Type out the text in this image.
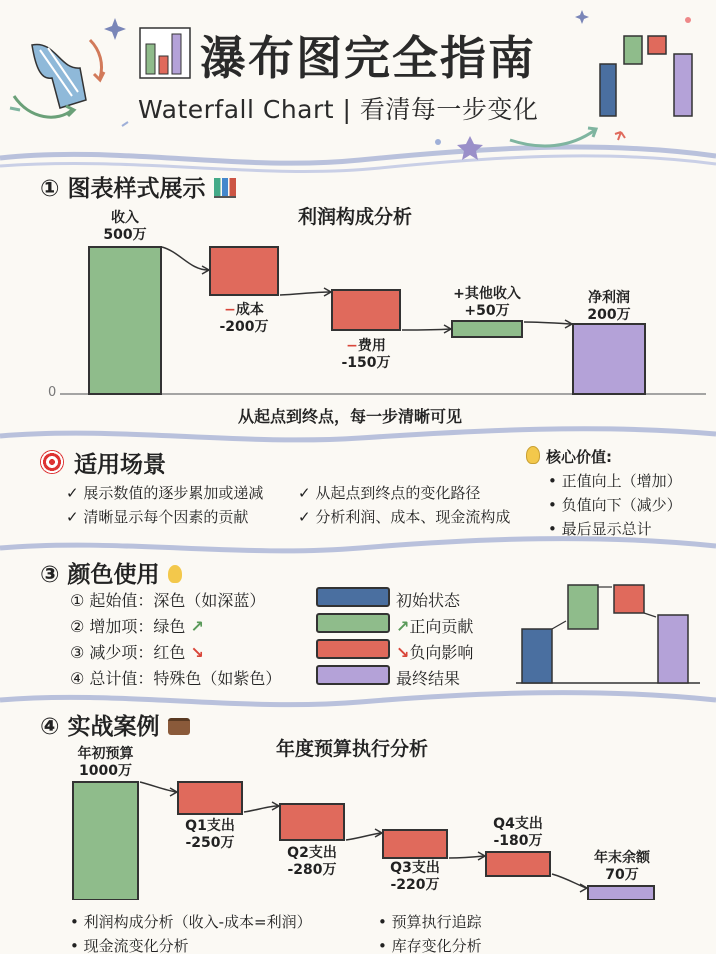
瀑布图完全指南
Waterfall Chart | 看清每一步变化
① 图表样式展示
利润构成分析
0
收入
500万
−成本
-200万
−费用
-150万
+其他收入
+50万
净利润
200万
从起点到终点，每一步清晰可见
适用场景
✓ 展示数值的逐步累加或递减 ✓ 从起点到终点的变化路径
✓ 清晰显示每个因素的贡献	✓ 分析利润、成本、现金流构成
核心价值:
• 正值向上（增加）
• 负值向下（减少）
• 最后显示总计
③ 颜色使用
① 起始值：深色（如深蓝）
② 增加项：绿色 ↗
③ 减少项：红色 ↘
④ 总计值：特殊色（如紫色）
初始状态
↗正向贡献
↘负向影响
最终结果
④ 实战案例
年度预算执行分析
年初预算
1000万
Q1支出
-250万
Q2支出
-280万	Q3支出
-220万
Q4支出
-180万
年末余额
70万
• 利润构成分析（收入-成本=利润）	• 预算执行追踪
• 现金流变化分析	• 库存变化分析
